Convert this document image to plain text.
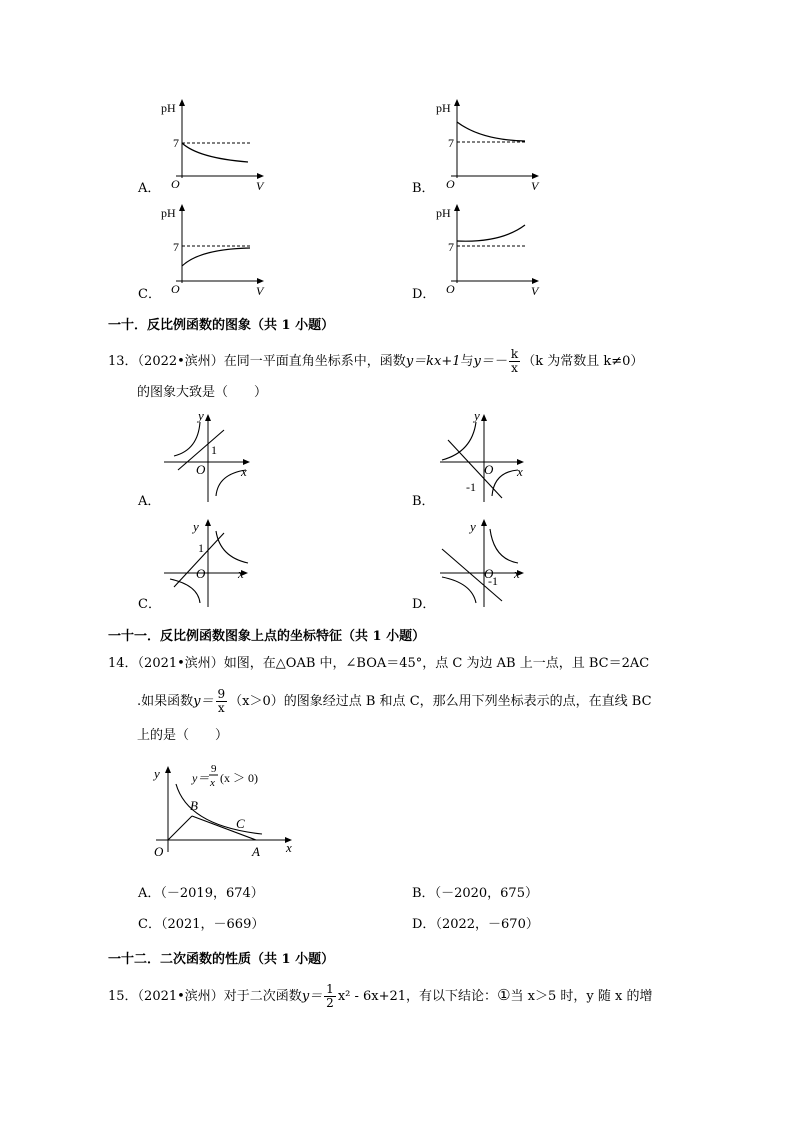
A．
pH
7
O	V	B．
pH
7
O	V
C．
pH
7
O	V	D．
pH
7
O	V
一十．反比例函数的图象（共 1 小题）
13．（2022•滨州）在同一平面直角坐标系中，函数y＝kx+1与$y=- \frac{k}{x} (k$ 为常数且 k≠0）
的图象大致是（　　）
A．
y
x
O
1
B．
y
x
O
-1
C．
y
x
O
1
D．
y
x
O
-1
一十一．反比例函数图象上点的坐标特征（共 1 小题）
14．（2021•滨州）如图，在△OAB 中，∠BOA＝45°，点 C 为边 AB 上一点，且 BC＝2AC
.如果函数$y= \frac{9}{x} (x>0)$的图象经过点 B 和点 C，那么用下列坐标表示的点，在直线 BC
上的是（　　）
y
x
O	A
B
C
y＝
9
x (x ＞ 0)
A．（－2019，674）	B．（－2020，675）
C．（2021，－669）	D．（2022，－670）
一十二．二次函数的性质（共 1 小题）
15．（2021•滨州）对于二次函数$y= \frac{1}{2} x^2 - 6x+21$，有以下结论：①当 x＞5 时，y 随 x 的增
